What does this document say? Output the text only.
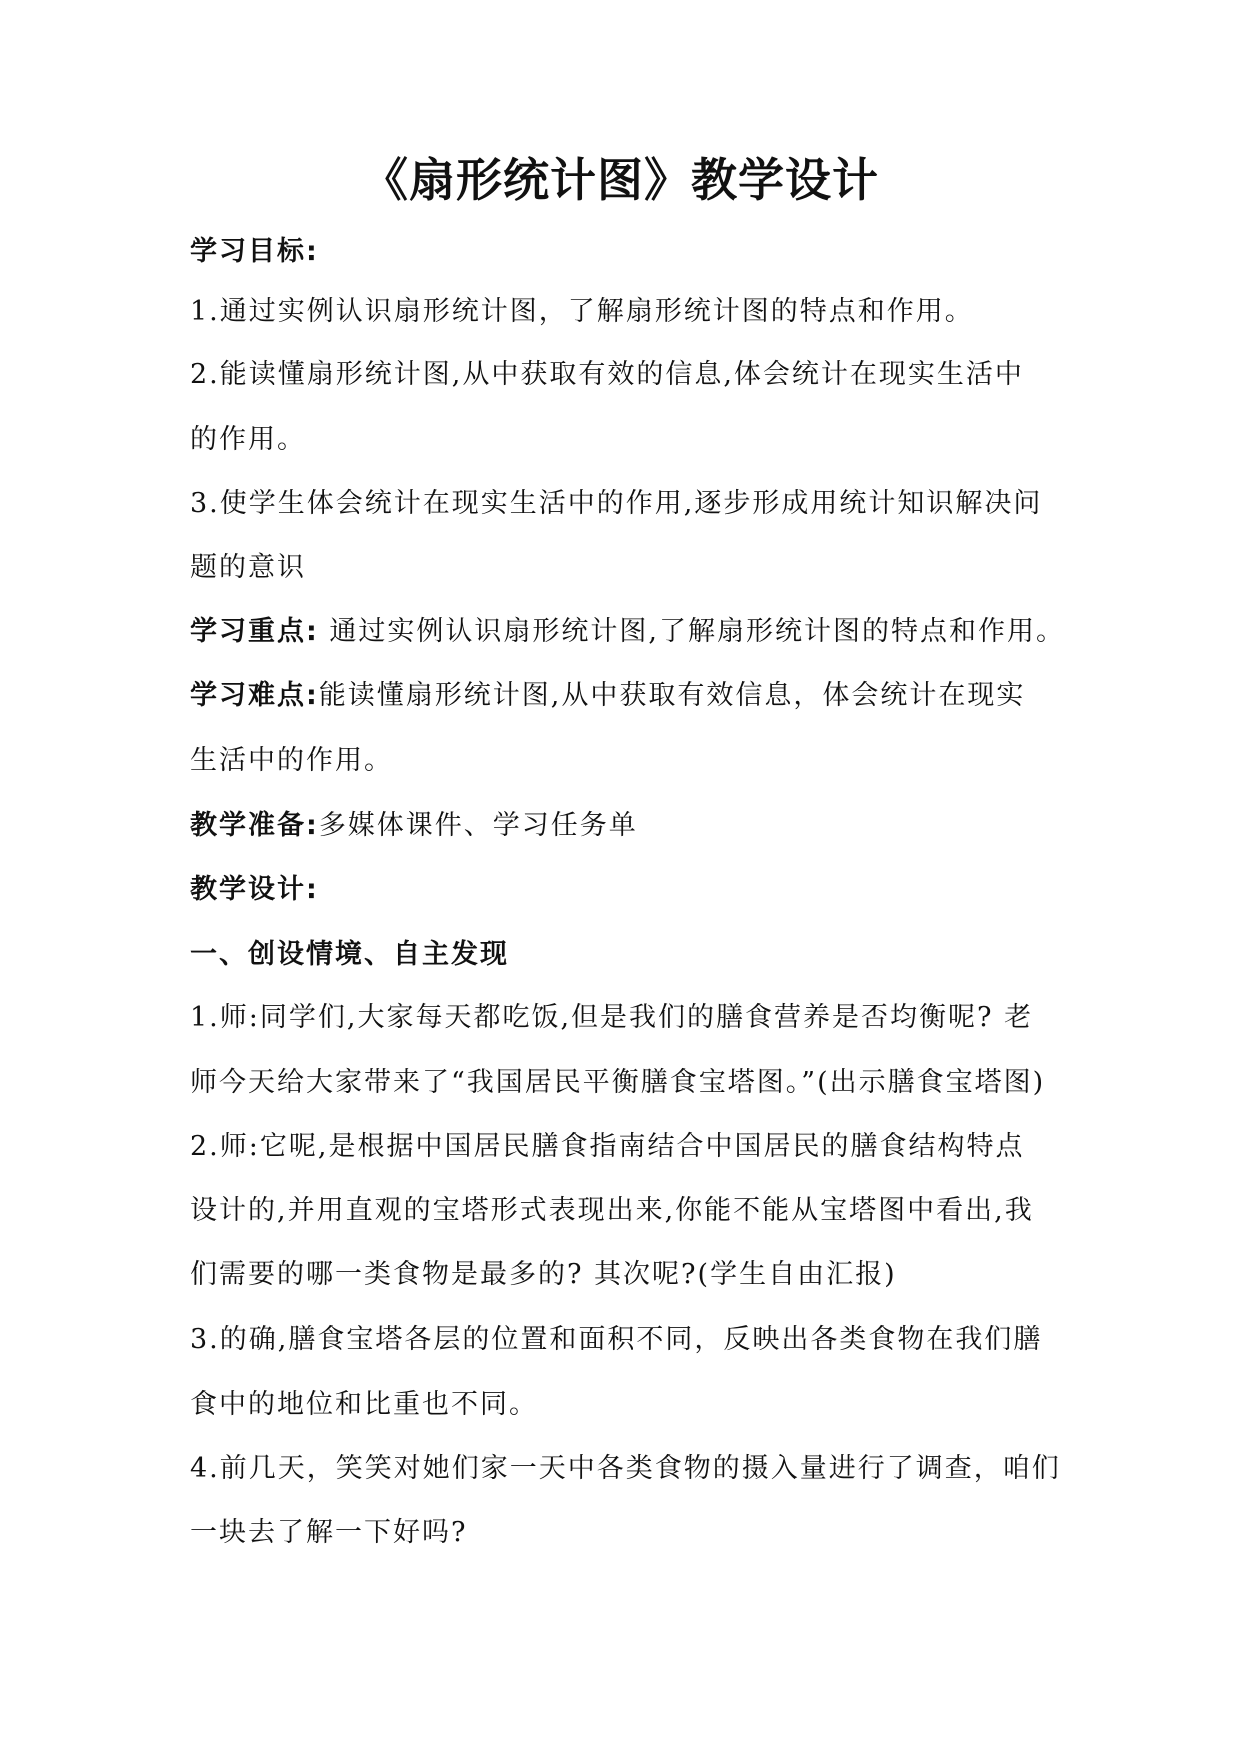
《扇形统计图》教学设计
学习目标:
1.通过实例认识扇形统计图，了解扇形统计图的特点和作用。
2.能读懂扇形统计图,从中获取有效的信息,体会统计在现实生活中
的作用。
3.使学生体会统计在现实生活中的作用,逐步形成用统计知识解决问
题的意识
学习重点: 通过实例认识扇形统计图,了解扇形统计图的特点和作用。
学习难点:能读懂扇形统计图,从中获取有效信息，体会统计在现实
生活中的作用。
教学准备:多媒体课件、学习任务单
教学设计:
一、创设情境、自主发现
1.师:同学们,大家每天都吃饭,但是我们的膳食营养是否均衡呢? 老
师今天给大家带来了“我国居民平衡膳食宝塔图。”(出示膳食宝塔图)
2.师:它呢,是根据中国居民膳食指南结合中国居民的膳食结构特点
设计的,并用直观的宝塔形式表现出来,你能不能从宝塔图中看出,我
们需要的哪一类食物是最多的? 其次呢?(学生自由汇报)
3.的确,膳食宝塔各层的位置和面积不同，反映出各类食物在我们膳
食中的地位和比重也不同。
4.前几天，笑笑对她们家一天中各类食物的摄入量进行了调查，咱们
一块去了解一下好吗?
